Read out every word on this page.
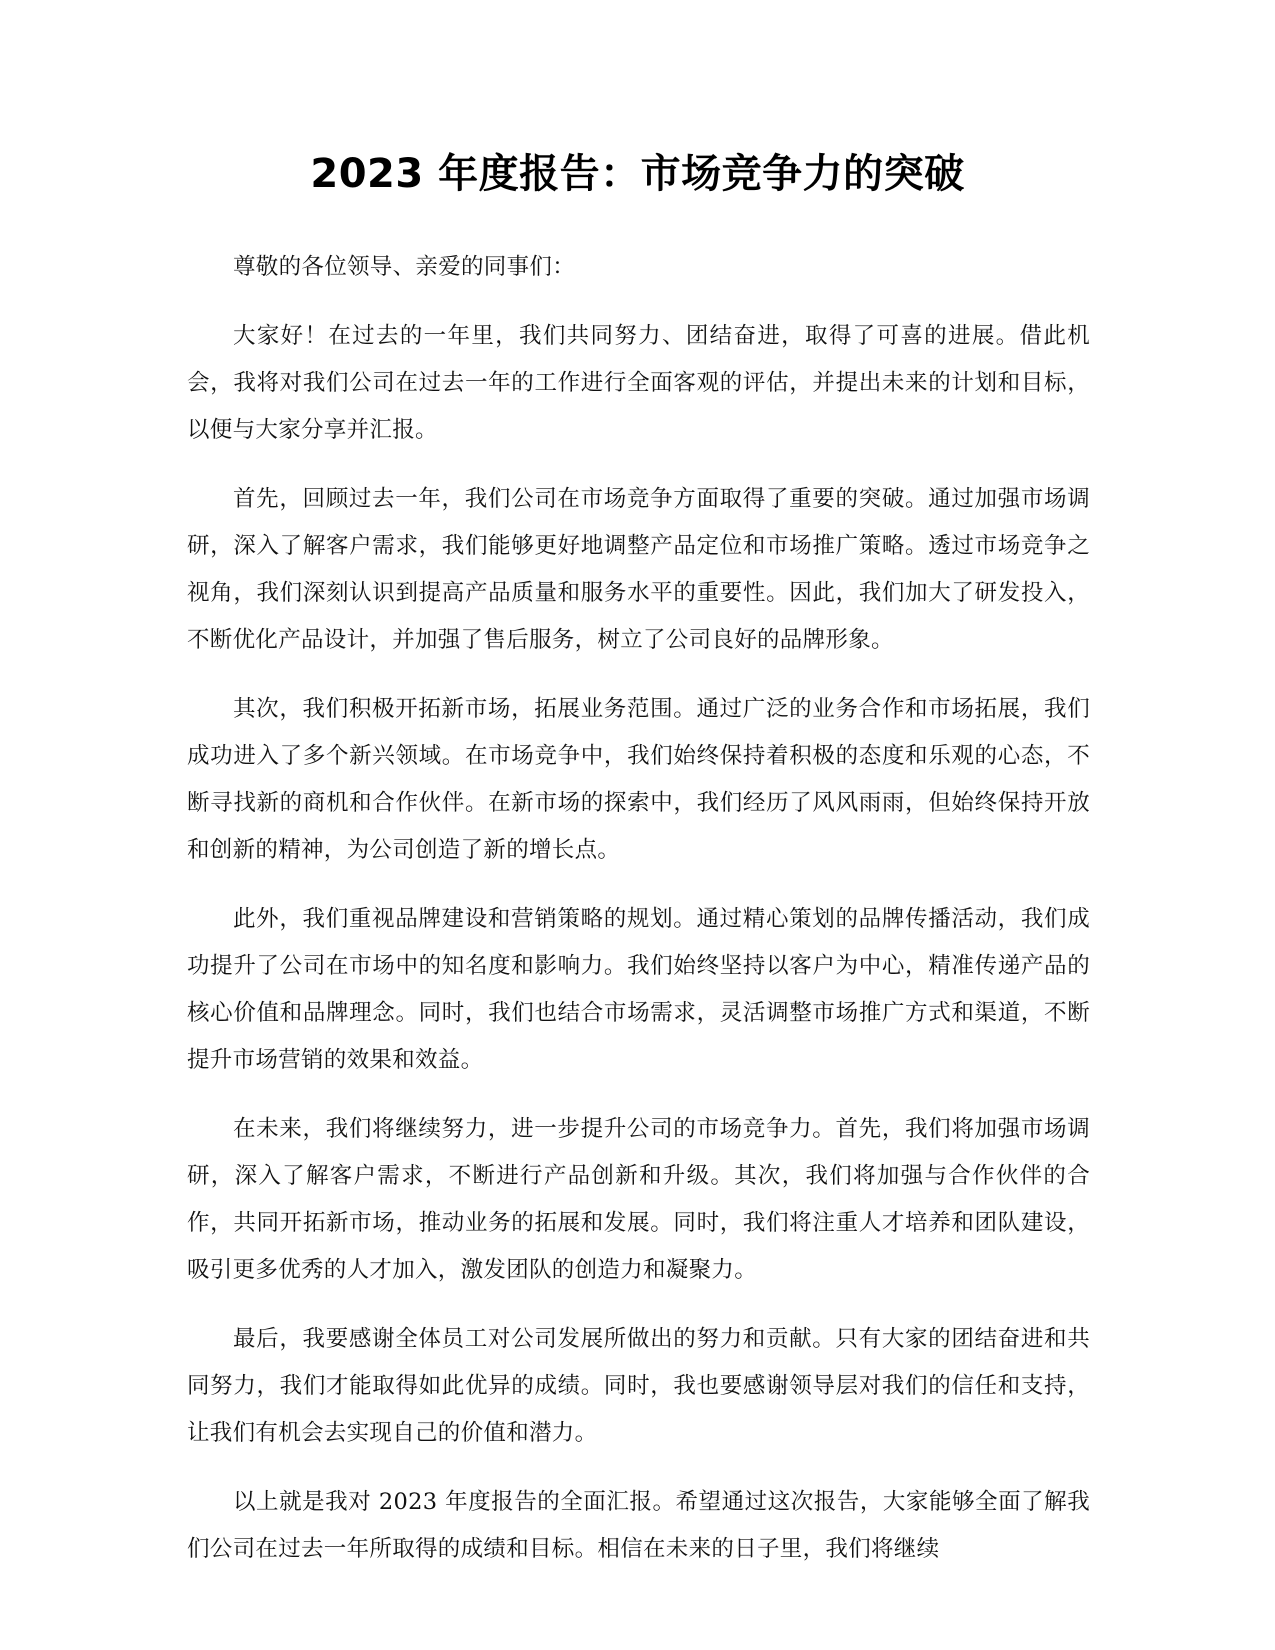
2023 年度报告：市场竞争力的突破

尊敬的各位领导、亲爱的同事们：

大家好！在过去的一年里，我们共同努力、团结奋进，取得了可喜的进展。借此机会，我将对我们公司在过去一年的工作进行全面客观的评估，并提出未来的计划和目标，以便与大家分享并汇报。

首先，回顾过去一年，我们公司在市场竞争方面取得了重要的突破。通过加强市场调研，深入了解客户需求，我们能够更好地调整产品定位和市场推广策略。透过市场竞争之视角，我们深刻认识到提高产品质量和服务水平的重要性。因此，我们加大了研发投入，不断优化产品设计，并加强了售后服务，树立了公司良好的品牌形象。

其次，我们积极开拓新市场，拓展业务范围。通过广泛的业务合作和市场拓展，我们成功进入了多个新兴领域。在市场竞争中，我们始终保持着积极的态度和乐观的心态，不断寻找新的商机和合作伙伴。在新市场的探索中，我们经历了风风雨雨，但始终保持开放和创新的精神，为公司创造了新的增长点。

此外，我们重视品牌建设和营销策略的规划。通过精心策划的品牌传播活动，我们成功提升了公司在市场中的知名度和影响力。我们始终坚持以客户为中心，精准传递产品的核心价值和品牌理念。同时，我们也结合市场需求，灵活调整市场推广方式和渠道，不断提升市场营销的效果和效益。

在未来，我们将继续努力，进一步提升公司的市场竞争力。首先，我们将加强市场调研，深入了解客户需求，不断进行产品创新和升级。其次，我们将加强与合作伙伴的合作，共同开拓新市场，推动业务的拓展和发展。同时，我们将注重人才培养和团队建设，吸引更多优秀的人才加入，激发团队的创造力和凝聚力。

最后，我要感谢全体员工对公司发展所做出的努力和贡献。只有大家的团结奋进和共同努力，我们才能取得如此优异的成绩。同时，我也要感谢领导层对我们的信任和支持，让我们有机会去实现自己的价值和潜力。

以上就是我对 2023 年度报告的全面汇报。希望通过这次报告，大家能够全面了解我们公司在过去一年所取得的成绩和目标。相信在未来的日子里，我们将继续
